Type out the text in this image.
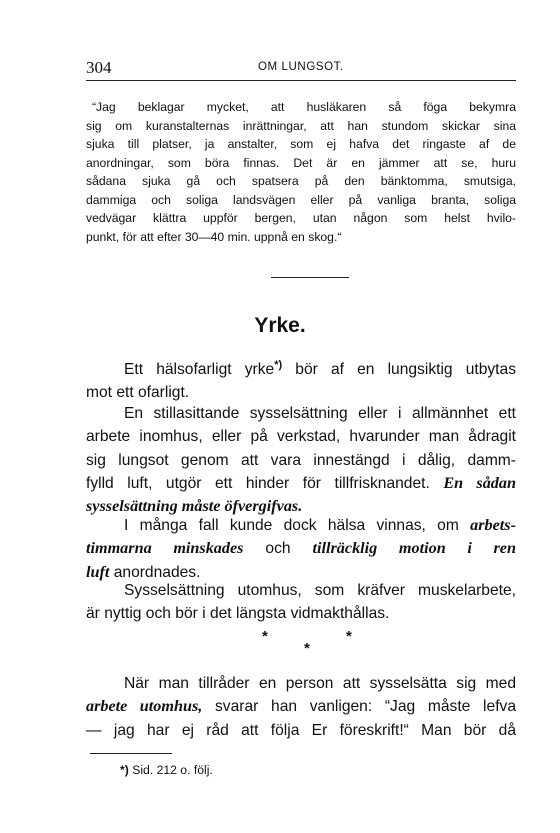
304	OM LUNGSOT.
“Jag beklagar mycket, att husläkaren så föga bekymra
sig om kuranstalternas inrättningar, att han stundom skickar sina
sjuka till platser, ja anstalter, som ej hafva det ringaste af de
anordningar, som böra finnas. Det är en jämmer att se, huru
sådana sjuka gå och spatsera på den bänktomma, smutsiga,
dammiga och soliga landsvägen eller på vanliga branta, soliga
vedvägar klättra uppför bergen, utan någon som helst hvilo-
punkt, för att efter 30—40 min. uppnå en skog.“
Yrke.

Ett hälsofarligt yrke*) bör af en lungsiktig utbytas
mot ett ofarligt.

En stillasittande sysselsättning eller i allmännhet ett
arbete inomhus, eller på verkstad, hvarunder man ådragit
sig lungsot genom att vara innestängd i dålig, damm-
fylld luft, utgör ett hinder för tillfrisknandet. En sådan
sysselsättning måste öfvergifvas.

I många fall kunde dock hälsa vinnas, om arbets-
timmarna minskades och tillräcklig motion i ren
luft anordnades.

Sysselsättning utomhus, som kräfver muskelarbete,
är nyttig och bör i det längsta vidmakthållas.

*	*
*

När man tillråder en person att sysselsätta sig med
arbete utomhus, svarar han vanligen: “Jag måste lefva
— jag har ej råd att följa Er föreskrift!“ Man bör då

*) Sid. 212 o. följ.
